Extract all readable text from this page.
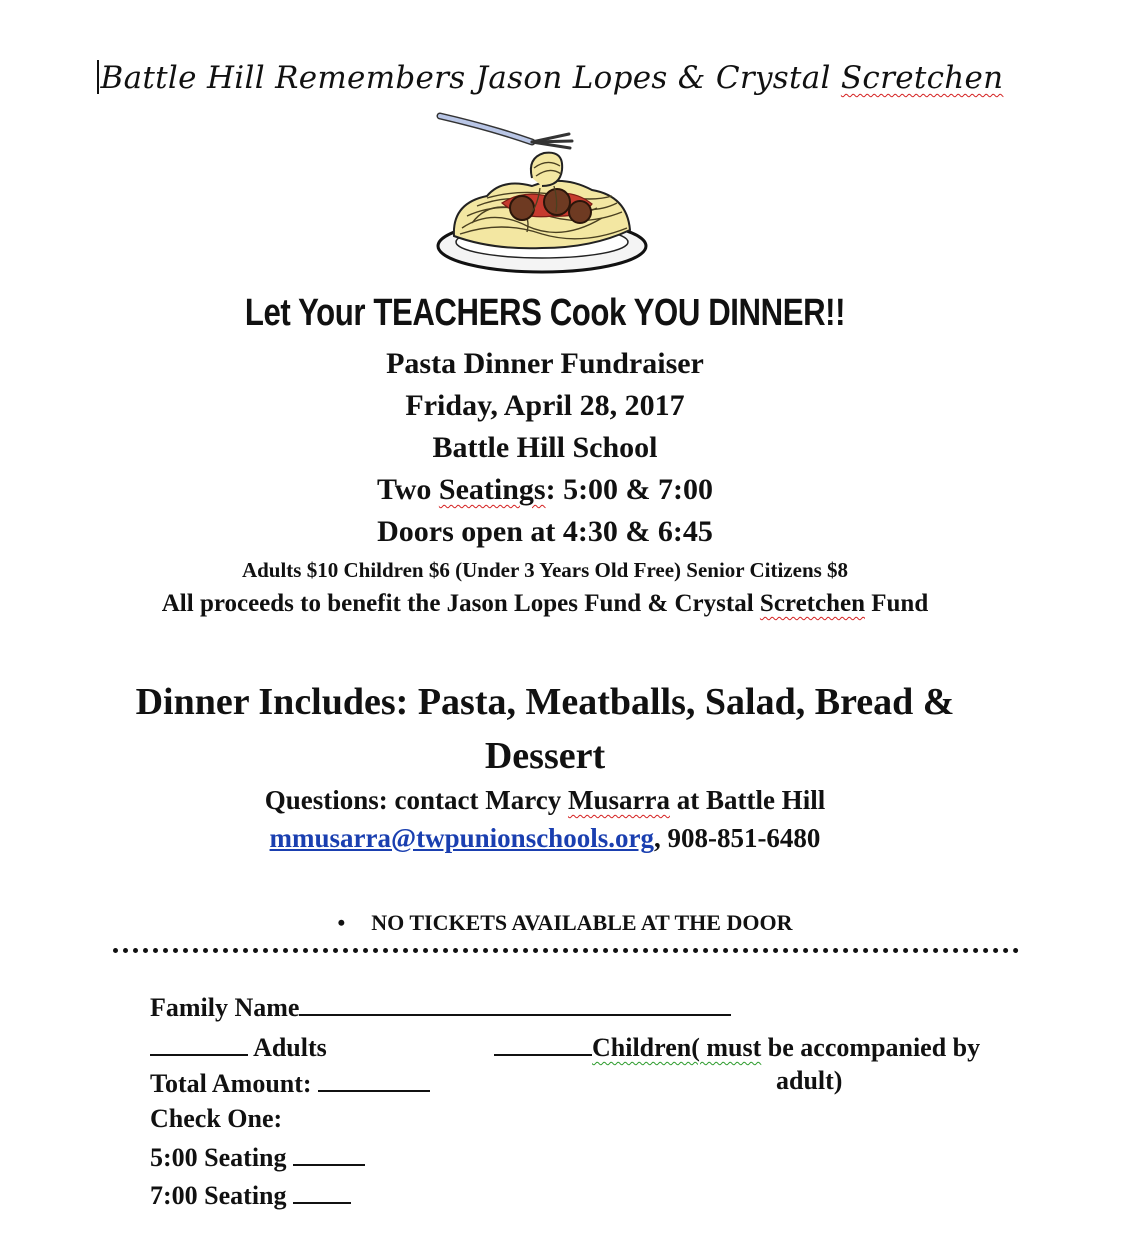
Battle Hill Remembers Jason Lopes & Crystal Scretchen
Let Your TEACHERS Cook YOU DINNER!!
Pasta Dinner Fundraiser
Friday, April 28, 2017
Battle Hill School
Two Seatings: 5:00 & 7:00
Doors open at 4:30 & 6:45
Adults $10 Children $6 (Under 3 Years Old Free) Senior Citizens $8
All proceeds to benefit the Jason Lopes Fund & Crystal Scretchen Fund
Dinner Includes: Pasta, Meatballs, Salad, Bread &
Dessert
Questions: contact Marcy Musarra at Battle Hill
mmusarra@twpunionschools.org, 908-851-6480
• NO TICKETS AVAILABLE AT THE DOOR
Family Name
Adults	Children( must be accompanied by
Total Amount:	adult)
Check One:
5:00 Seating
7:00 Seating
